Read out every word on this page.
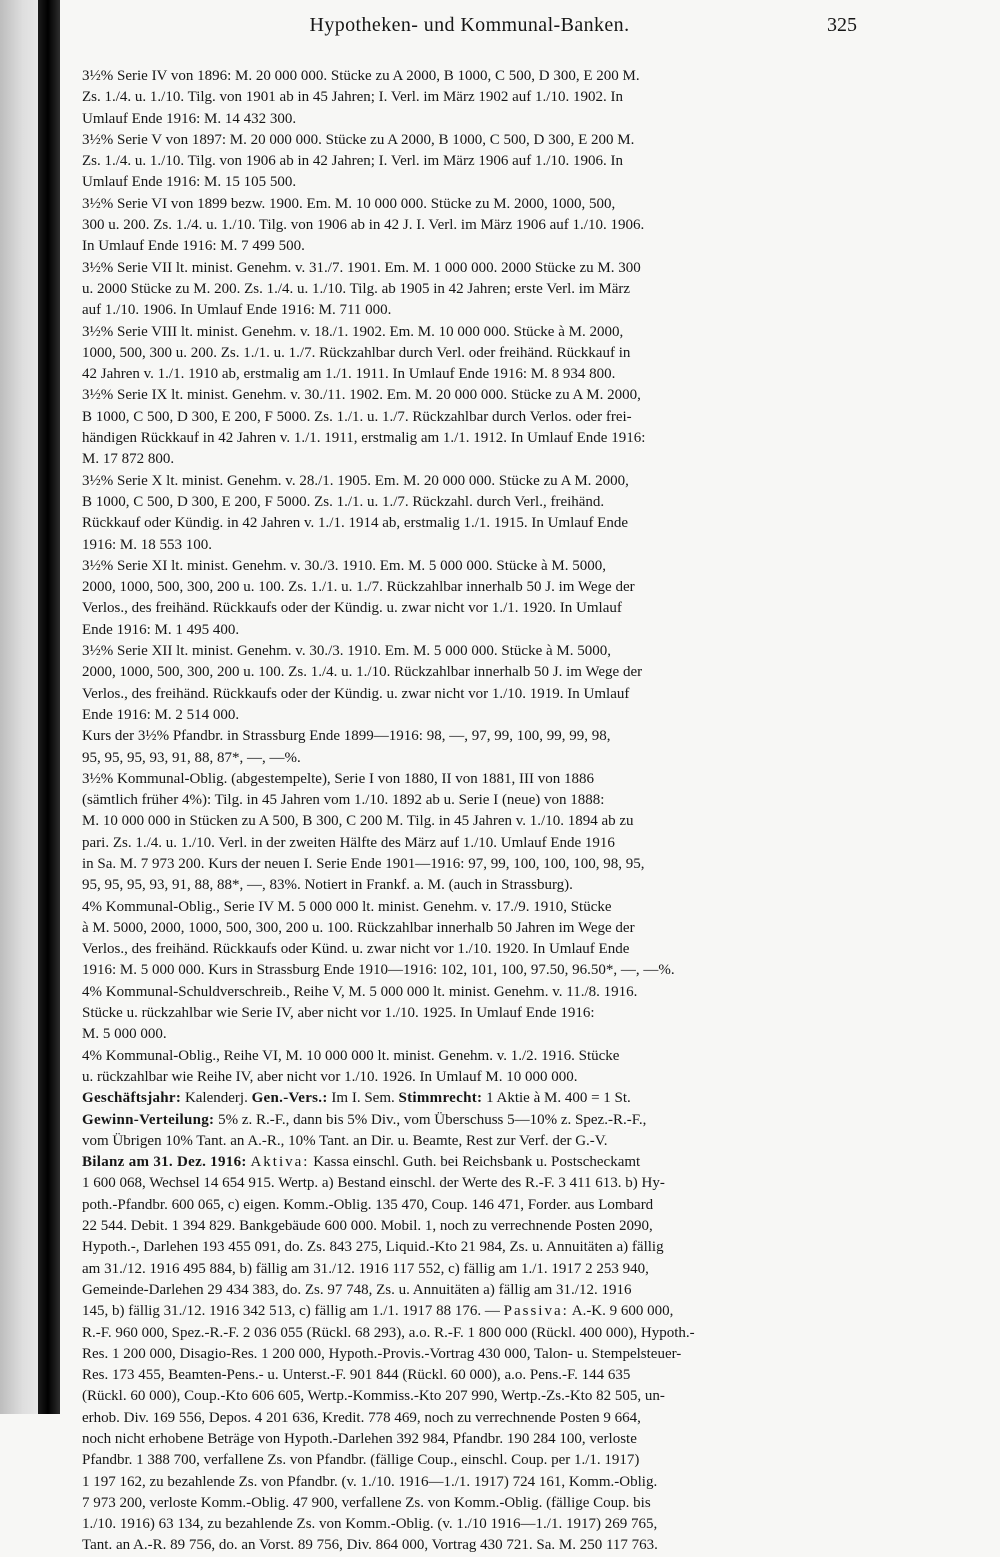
Hypotheken- und Kommunal-Banken.	325
3½% Serie IV von 1896: M. 20 000 000. Stücke zu A 2000, B 1000, C 500, D 300, E 200 M.
Zs. 1./4. u. 1./10. Tilg. von 1901 ab in 45 Jahren; I. Verl. im März 1902 auf 1./10. 1902. In
Umlauf Ende 1916: M. 14 432 300.
3½% Serie V von 1897: M. 20 000 000. Stücke zu A 2000, B 1000, C 500, D 300, E 200 M.
Zs. 1./4. u. 1./10. Tilg. von 1906 ab in 42 Jahren; I. Verl. im März 1906 auf 1./10. 1906. In
Umlauf Ende 1916: M. 15 105 500.
3½% Serie VI von 1899 bezw. 1900. Em. M. 10 000 000. Stücke zu M. 2000, 1000, 500,
300 u. 200. Zs. 1./4. u. 1./10. Tilg. von 1906 ab in 42 J. I. Verl. im März 1906 auf 1./10. 1906.
In Umlauf Ende 1916: M. 7 499 500.
3½% Serie VII lt. minist. Genehm. v. 31./7. 1901. Em. M. 1 000 000. 2000 Stücke zu M. 300
u. 2000 Stücke zu M. 200. Zs. 1./4. u. 1./10. Tilg. ab 1905 in 42 Jahren; erste Verl. im März
auf 1./10. 1906. In Umlauf Ende 1916: M. 711 000.
3½% Serie VIII lt. minist. Genehm. v. 18./1. 1902. Em. M. 10 000 000. Stücke à M. 2000,
1000, 500, 300 u. 200. Zs. 1./1. u. 1./7. Rückzahlbar durch Verl. oder freihänd. Rückkauf in
42 Jahren v. 1./1. 1910 ab, erstmalig am 1./1. 1911. In Umlauf Ende 1916: M. 8 934 800.
3½% Serie IX lt. minist. Genehm. v. 30./11. 1902. Em. M. 20 000 000. Stücke zu A M. 2000,
B 1000, C 500, D 300, E 200, F 5000. Zs. 1./1. u. 1./7. Rückzahlbar durch Verlos. oder frei-
händigen Rückkauf in 42 Jahren v. 1./1. 1911, erstmalig am 1./1. 1912. In Umlauf Ende 1916:
M. 17 872 800.
3½% Serie X lt. minist. Genehm. v. 28./1. 1905. Em. M. 20 000 000. Stücke zu A M. 2000,
B 1000, C 500, D 300, E 200, F 5000. Zs. 1./1. u. 1./7. Rückzahl. durch Verl., freihänd.
Rückkauf oder Kündig. in 42 Jahren v. 1./1. 1914 ab, erstmalig 1./1. 1915. In Umlauf Ende
1916: M. 18 553 100.
3½% Serie XI lt. minist. Genehm. v. 30./3. 1910. Em. M. 5 000 000. Stücke à M. 5000,
2000, 1000, 500, 300, 200 u. 100. Zs. 1./1. u. 1./7. Rückzahlbar innerhalb 50 J. im Wege der
Verlos., des freihänd. Rückkaufs oder der Kündig. u. zwar nicht vor 1./1. 1920. In Umlauf
Ende 1916: M. 1 495 400.
3½% Serie XII lt. minist. Genehm. v. 30./3. 1910. Em. M. 5 000 000. Stücke à M. 5000,
2000, 1000, 500, 300, 200 u. 100. Zs. 1./4. u. 1./10. Rückzahlbar innerhalb 50 J. im Wege der
Verlos., des freihänd. Rückkaufs oder der Kündig. u. zwar nicht vor 1./10. 1919. In Umlauf
Ende 1916: M. 2 514 000.
Kurs der 3½% Pfandbr. in Strassburg Ende 1899—1916: 98, —, 97, 99, 100, 99, 99, 98,
95, 95, 95, 93, 91, 88, 87*, —, —%.
3½% Kommunal-Oblig. (abgestempelte), Serie I von 1880, II von 1881, III von 1886
(sämtlich früher 4%): Tilg. in 45 Jahren vom 1./10. 1892 ab u. Serie I (neue) von 1888:
M. 10 000 000 in Stücken zu A 500, B 300, C 200 M. Tilg. in 45 Jahren v. 1./10. 1894 ab zu
pari. Zs. 1./4. u. 1./10. Verl. in der zweiten Hälfte des März auf 1./10. Umlauf Ende 1916
in Sa. M. 7 973 200. Kurs der neuen I. Serie Ende 1901—1916: 97, 99, 100, 100, 100, 98, 95,
95, 95, 95, 93, 91, 88, 88*, —, 83%. Notiert in Frankf. a. M. (auch in Strassburg).
4% Kommunal-Oblig., Serie IV M. 5 000 000 lt. minist. Genehm. v. 17./9. 1910, Stücke
à M. 5000, 2000, 1000, 500, 300, 200 u. 100. Rückzahlbar innerhalb 50 Jahren im Wege der
Verlos., des freihänd. Rückkaufs oder Künd. u. zwar nicht vor 1./10. 1920. In Umlauf Ende
1916: M. 5 000 000. Kurs in Strassburg Ende 1910—1916: 102, 101, 100, 97.50, 96.50*, —, —%.
4% Kommunal-Schuldverschreib., Reihe V, M. 5 000 000 lt. minist. Genehm. v. 11./8. 1916.
Stücke u. rückzahlbar wie Serie IV, aber nicht vor 1./10. 1925. In Umlauf Ende 1916:
M. 5 000 000.
4% Kommunal-Oblig., Reihe VI, M. 10 000 000 lt. minist. Genehm. v. 1./2. 1916. Stücke
u. rückzahlbar wie Reihe IV, aber nicht vor 1./10. 1926. In Umlauf M. 10 000 000.
Geschäftsjahr: Kalenderj. Gen.-Vers.: Im I. Sem. Stimmrecht: 1 Aktie à M. 400 = 1 St.
Gewinn-Verteilung: 5% z. R.-F., dann bis 5% Div., vom Überschuss 5—10% z. Spez.-R.-F.,
vom Übrigen 10% Tant. an A.-R., 10% Tant. an Dir. u. Beamte, Rest zur Verf. der G.-V.
Bilanz am 31. Dez. 1916: Aktiva: Kassa einschl. Guth. bei Reichsbank u. Postscheckamt
1 600 068, Wechsel 14 654 915. Wertp. a) Bestand einschl. der Werte des R.-F. 3 411 613. b) Hy-
poth.-Pfandbr. 600 065, c) eigen. Komm.-Oblig. 135 470, Coup. 146 471, Forder. aus Lombard
22 544. Debit. 1 394 829. Bankgebäude 600 000. Mobil. 1, noch zu verrechnende Posten 2090,
Hypoth.-, Darlehen 193 455 091, do. Zs. 843 275, Liquid.-Kto 21 984, Zs. u. Annuitäten a) fällig
am 31./12. 1916 495 884, b) fällig am 31./12. 1916 117 552, c) fällig am 1./1. 1917 2 253 940,
Gemeinde-Darlehen 29 434 383, do. Zs. 97 748, Zs. u. Annuitäten a) fällig am 31./12. 1916
145, b) fällig 31./12. 1916 342 513, c) fällig am 1./1. 1917 88 176. — Passiva: A.-K. 9 600 000,
R.-F. 960 000, Spez.-R.-F. 2 036 055 (Rückl. 68 293), a.o. R.-F. 1 800 000 (Rückl. 400 000), Hypoth.-
Res. 1 200 000, Disagio-Res. 1 200 000, Hypoth.-Provis.-Vortrag 430 000, Talon- u. Stempelsteuer-
Res. 173 455, Beamten-Pens.- u. Unterst.-F. 901 844 (Rückl. 60 000), a.o. Pens.-F. 144 635
(Rückl. 60 000), Coup.-Kto 606 605, Wertp.-Kommiss.-Kto 207 990, Wertp.-Zs.-Kto 82 505, un-
erhob. Div. 169 556, Depos. 4 201 636, Kredit. 778 469, noch zu verrechnende Posten 9 664,
noch nicht erhobene Beträge von Hypoth.-Darlehen 392 984, Pfandbr. 190 284 100, verloste
Pfandbr. 1 388 700, verfallene Zs. von Pfandbr. (fällige Coup., einschl. Coup. per 1./1. 1917)
1 197 162, zu bezahlende Zs. von Pfandbr. (v. 1./10. 1916—1./1. 1917) 724 161, Komm.-Oblig.
7 973 200, verloste Komm.-Oblig. 47 900, verfallene Zs. von Komm.-Oblig. (fällige Coup. bis
1./10. 1916) 63 134, zu bezahlende Zs. von Komm.-Oblig. (v. 1./10 1916—1./1. 1917) 269 765,
Tant. an A.-R. 89 756, do. an Vorst. 89 756, Div. 864 000, Vortrag 430 721. Sa. M. 250 117 763.
